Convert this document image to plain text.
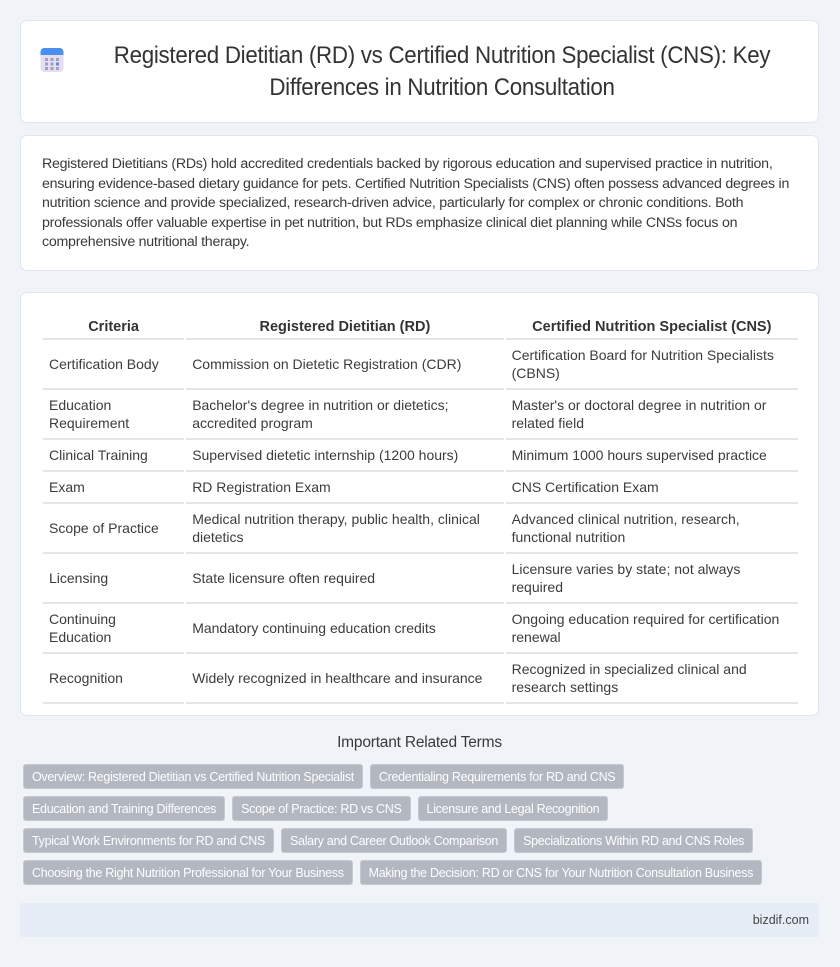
Registered Dietitian (RD) vs Certified Nutrition Specialist (CNS): Key Differences in Nutrition Consultation

Registered Dietitians (RDs) hold accredited credentials backed by rigorous education and supervised practice in nutrition, ensuring evidence-based dietary guidance for pets. Certified Nutrition Specialists (CNS) often possess advanced degrees in nutrition science and provide specialized, research-driven advice, particularly for complex or chronic conditions. Both professionals offer valuable expertise in pet nutrition, but RDs emphasize clinical diet planning while CNSs focus on comprehensive nutritional therapy.

Criteria	Registered Dietitian (RD)	Certified Nutrition Specialist (CNS)
Certification Body	Commission on Dietetic Registration (CDR)	Certification Board for Nutrition Specialists (CBNS)
Education Requirement	Bachelor's degree in nutrition or dietetics; accredited program	Master's or doctoral degree in nutrition or related field
Clinical Training	Supervised dietetic internship (1200 hours)	Minimum 1000 hours supervised practice
Exam	RD Registration Exam	CNS Certification Exam
Scope of Practice	Medical nutrition therapy, public health, clinical dietetics	Advanced clinical nutrition, research, functional nutrition
Licensing	State licensure often required	Licensure varies by state; not always required
Continuing Education	Mandatory continuing education credits	Ongoing education required for certification renewal
Recognition	Widely recognized in healthcare and insurance	Recognized in specialized clinical and research settings
Important Related Terms
Overview: Registered Dietitian vs Certified Nutrition Specialist	Credentialing Requirements for RD and CNS
Education and Training Differences	Scope of Practice: RD vs CNS	Licensure and Legal Recognition
Typical Work Environments for RD and CNS	Salary and Career Outlook Comparison	Specializations Within RD and CNS Roles
Choosing the Right Nutrition Professional for Your Business	Making the Decision: RD or CNS for Your Nutrition Consultation Business
bizdif.com
